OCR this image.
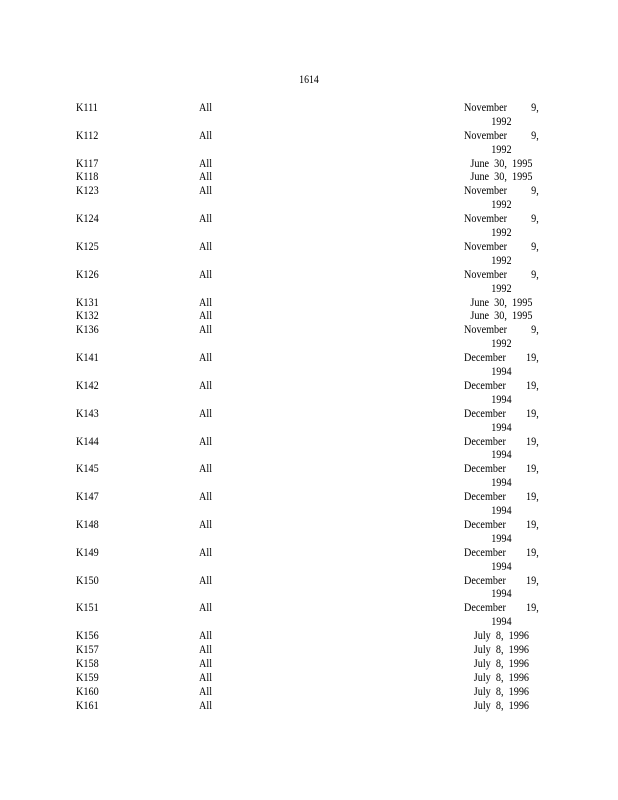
1614
K111	All	November 9,
1992
K112	All	November 9,
1992
K117	All	June  30,  1995
K118	All	June  30,  1995
K123	All	November 9,
1992
K124	All	November 9,
1992
K125	All	November 9,
1992
K126	All	November 9,
1992
K131	All	June  30,  1995
K132	All	June  30,  1995
K136	All	November 9,
1992
K141	All	December 19,
1994
K142	All	December 19,
1994
K143	All	December 19,
1994
K144	All	December 19,
1994
K145	All	December 19,
1994
K147	All	December 19,
1994
K148	All	December 19,
1994
K149	All	December 19,
1994
K150	All	December 19,
1994
K151	All	December 19,
1994
K156	All	July  8,  1996
K157	All	July  8,  1996
K158	All	July  8,  1996
K159	All	July  8,  1996
K160	All	July  8,  1996
K161	All	July  8,  1996
